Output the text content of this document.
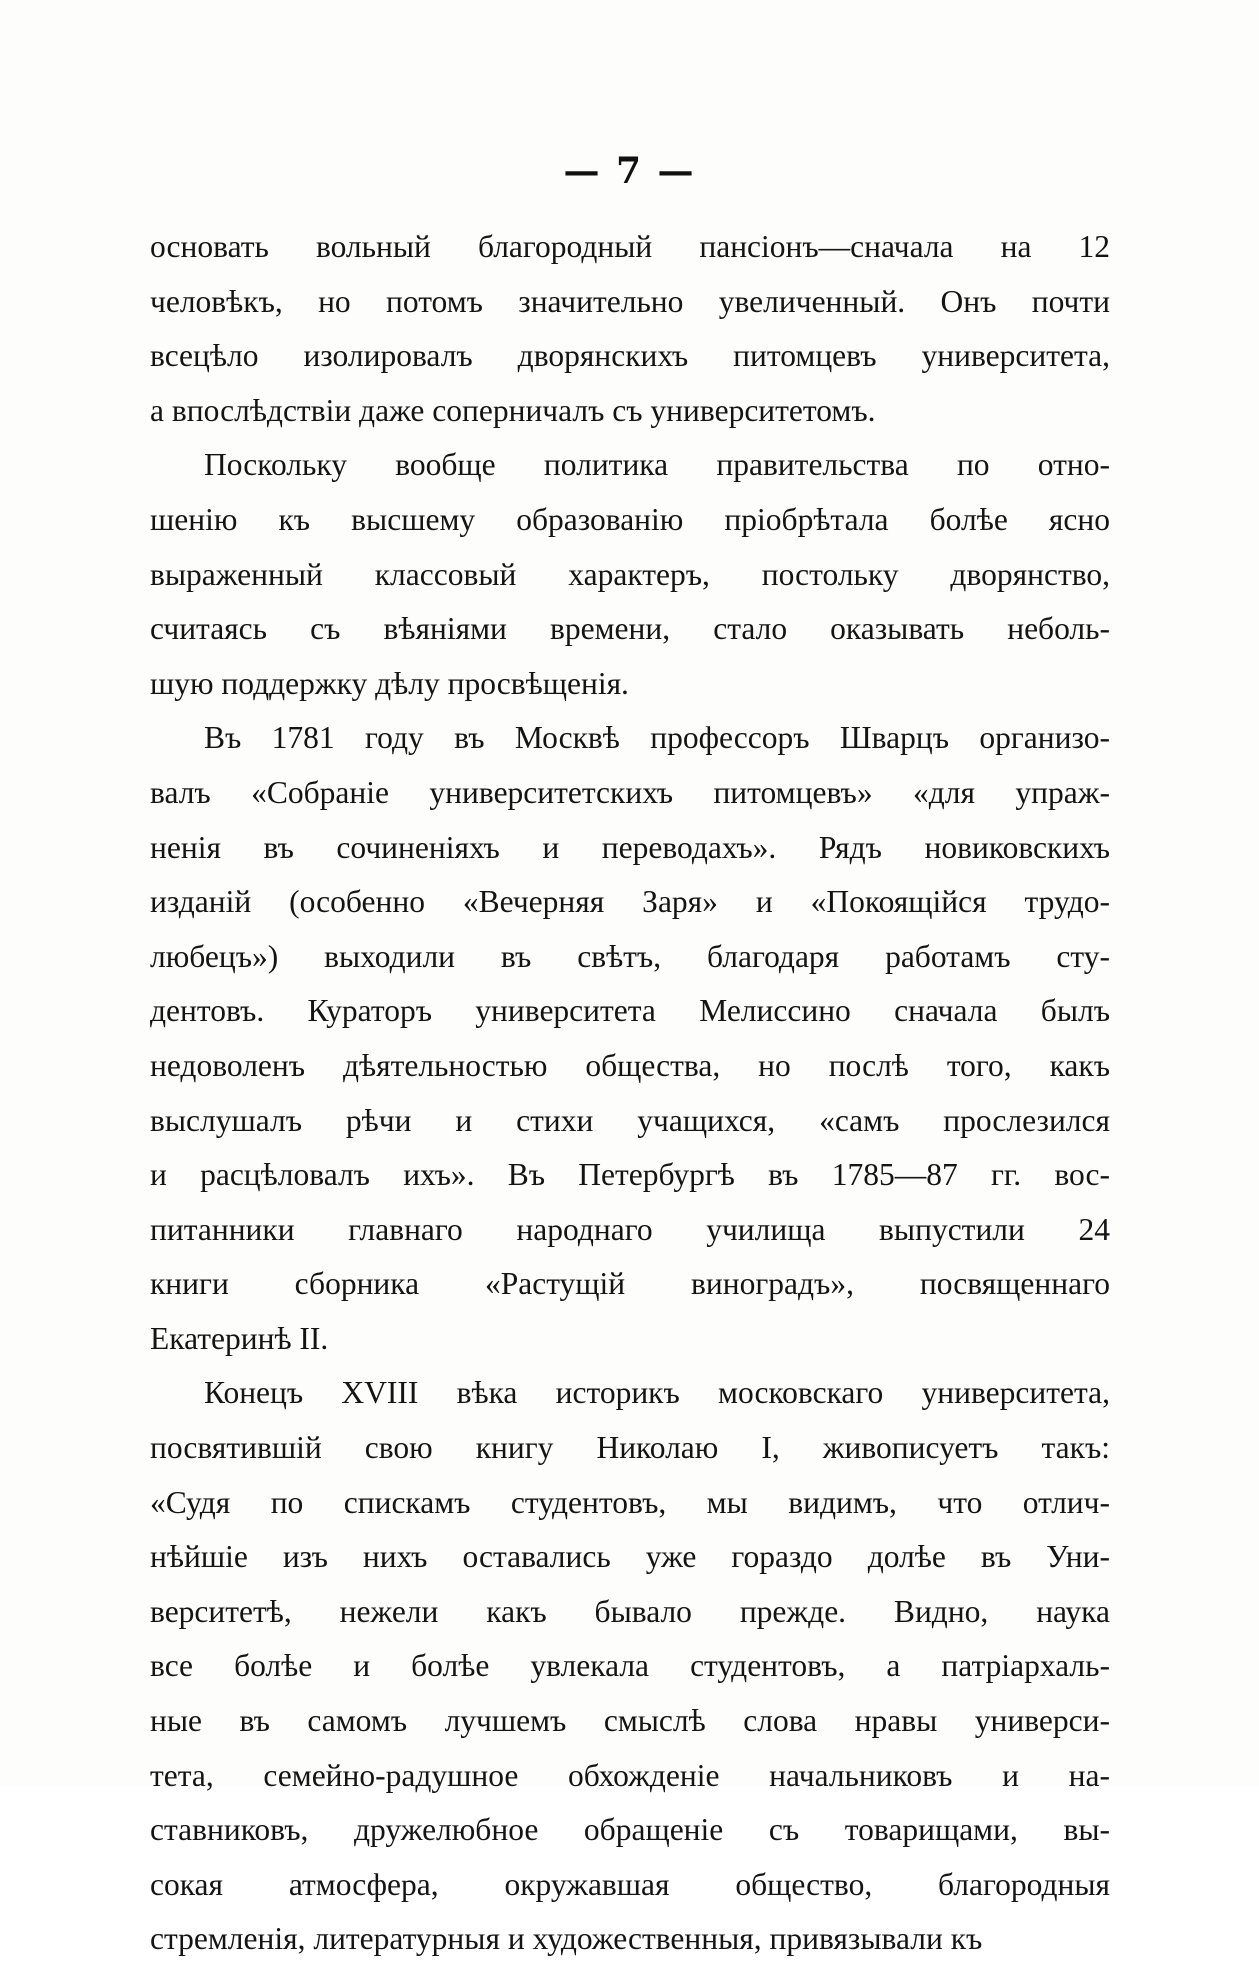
— 7 —
основать вольный благородный пансіонъ—сначала на 12
человѣкъ, но потомъ значительно увеличенный. Онъ почти
всецѣло изолировалъ дворянскихъ питомцевъ университета,
а впослѣдствіи даже соперничалъ съ университетомъ.
Поскольку вообще политика правительства по отно-
шенію къ высшему образованію пріобрѣтала болѣе ясно
выраженный классовый характеръ, постольку дворянство,
считаясь съ вѣяніями времени, стало оказывать неболь-
шую поддержку дѣлу просвѣщенія.
Въ 1781 году въ Москвѣ профессоръ Шварцъ организо-
валъ «Собраніе университетскихъ питомцевъ» «для упраж-
ненія въ сочиненіяхъ и переводахъ». Рядъ новиковскихъ
изданій (особенно «Вечерняя Заря» и «Покоящійся трудо-
любецъ») выходили въ свѣтъ, благодаря работамъ сту-
дентовъ. Кураторъ университета Мелиссино сначала былъ
недоволенъ дѣятельностью общества, но послѣ того, какъ
выслушалъ рѣчи и стихи учащихся, «самъ прослезился
и расцѣловалъ ихъ». Въ Петербургѣ въ 1785—87 гг. вос-
питанники главнаго народнаго училища выпустили 24
книги сборника «Растущій виноградъ», посвященнаго
Екатеринѣ II.
Конецъ XVIII вѣка историкъ московскаго университета,
посвятившій свою книгу Николаю I, живописуетъ такъ:
«Судя по спискамъ студентовъ, мы видимъ, что отлич-
нѣйшіе изъ нихъ оставались уже гораздо долѣе въ Уни-
верситетѣ, нежели какъ бывало прежде. Видно, наука
все болѣе и болѣе увлекала студентовъ, а патріархаль-
ные въ самомъ лучшемъ смыслѣ слова нравы универси-
тета, семейно-радушное обхожденіе начальниковъ и на-
ставниковъ, дружелюбное обращеніе съ товарищами, вы-
сокая атмосфера, окружавшая общество, благородныя
стремленія, литературныя и художественныя, привязывали къ
